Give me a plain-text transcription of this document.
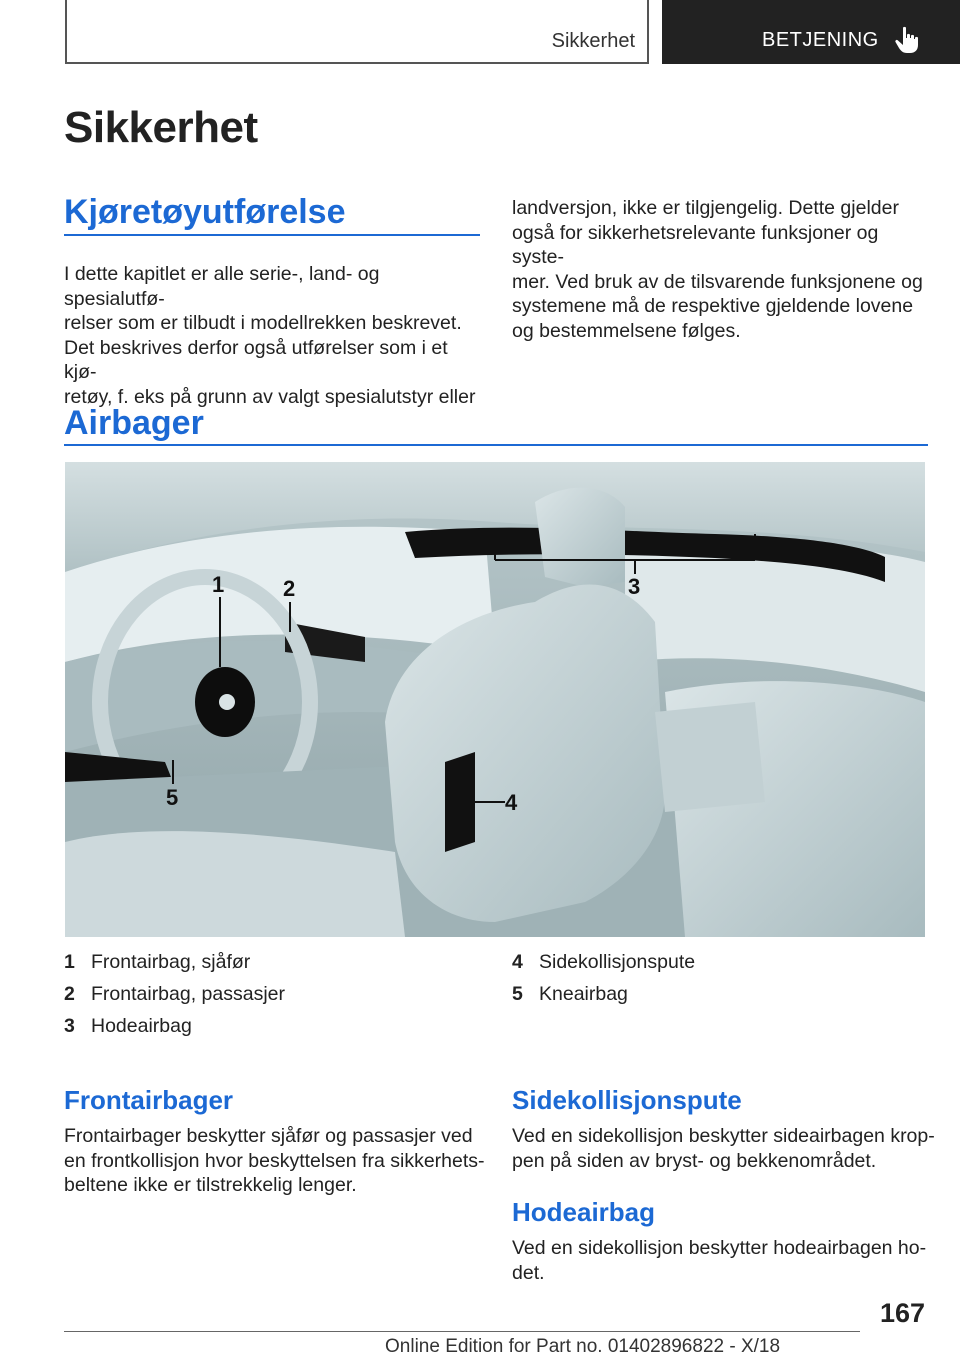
Sikkerhet	BETJENING
Sikkerhet
Kjøretøyutførelse
I dette kapitlet er alle serie-, land- og spesialutfø-
relser som er tilbudt i modellrekken beskrevet.
Det beskrives derfor også utførelser som i et kjø-
retøy, f. eks på grunn av valgt spesialutstyr eller
landversjon, ikke er tilgjengelig. Dette gjelder
også for sikkerhetsrelevante funksjoner og syste-
mer. Ved bruk av de tilsvarende funksjonene og
systemene må de respektive gjeldende lovene
og bestemmelsene følges.
Airbager
1	2	3
4
5
1 Frontairbag, sjåfør
2 Frontairbag, passasjer
3 Hodeairbag
4 Sidekollisjonspute
5 Kneairbag
Frontairbager
Frontairbager beskytter sjåfør og passasjer ved
en frontkollisjon hvor beskyttelsen fra sikkerhets-
beltene ikke er tilstrekkelig lenger.
Sidekollisjonspute
Ved en sidekollisjon beskytter sideairbagen krop-
pen på siden av bryst- og bekkenområdet.
Hodeairbag
Ved en sidekollisjon beskytter hodeairbagen ho-
det.
167
Online Edition for Part no. 01402896822 - X/18
